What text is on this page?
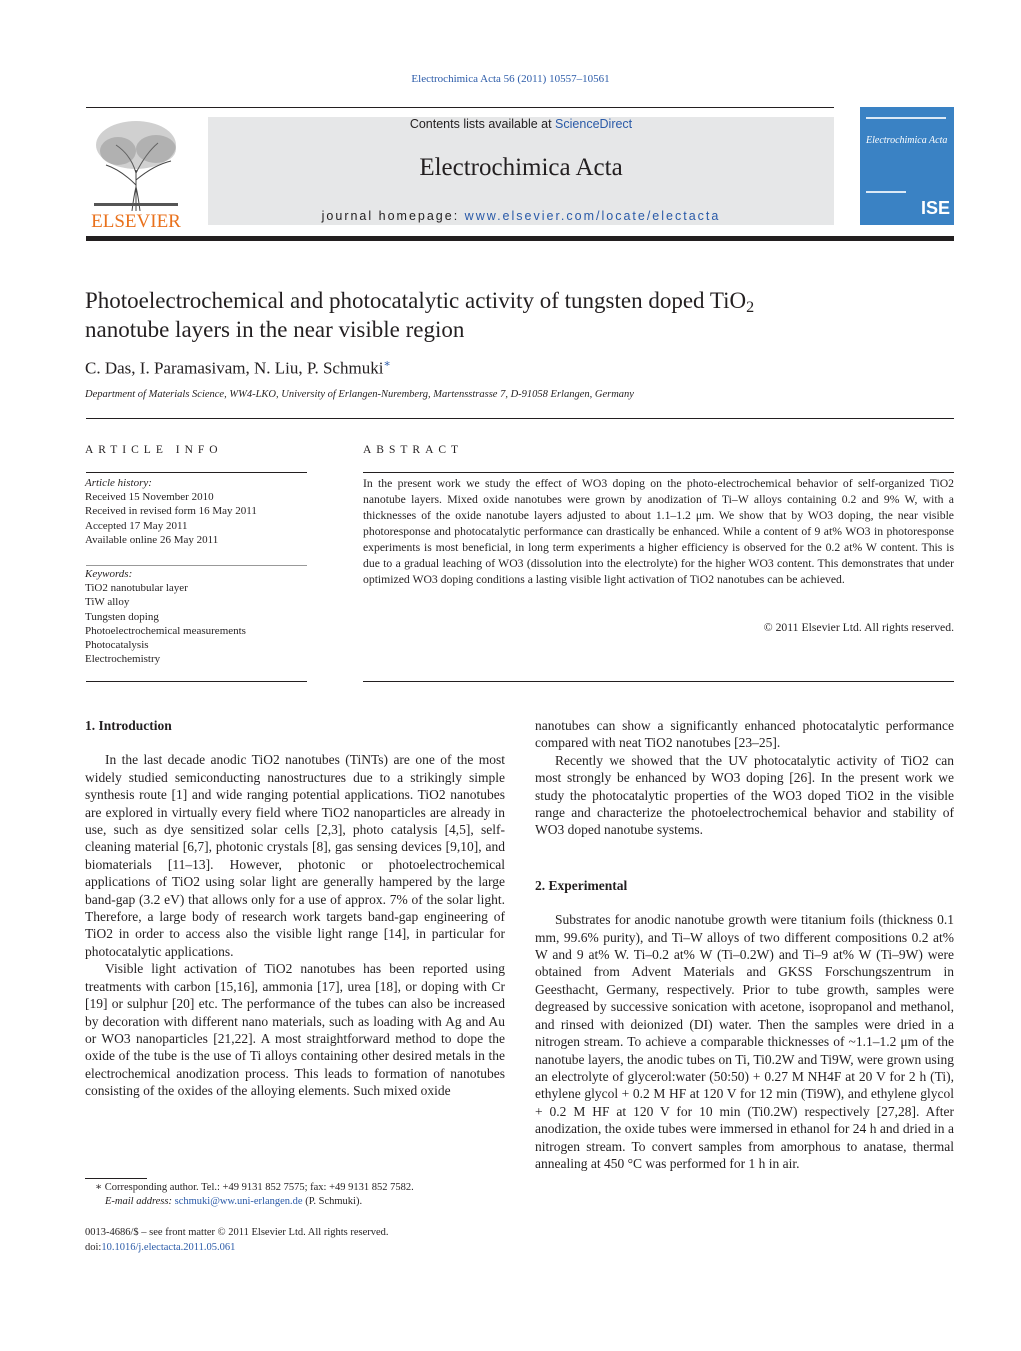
Electrochimica Acta 56 (2011) 10557–10561
ELSEVIER
Contents lists available at ScienceDirect
Electrochimica Acta
journal homepage: www.elsevier.com/locate/electacta
Electrochimica Acta
ISE
Photoelectrochemical and photocatalytic activity of tungsten doped TiO$_2$
nanotube layers in the near visible region
C. Das, I. Paramasivam, N. Liu, P. Schmuki∗
Department of Materials Science, WW4-LKO, University of Erlangen-Nuremberg, Martensstrasse 7, D-91058 Erlangen, Germany
ARTICLE INFO
Article history:
Received 15 November 2010
Received in revised form 16 May 2011
Accepted 17 May 2011
Available online 26 May 2011
Keywords:
TiO2 nanotubular layer
TiW alloy
Tungsten doping
Photoelectrochemical measurements
Photocatalysis
Electrochemistry
ABSTRACT
In the present work we study the effect of WO3 doping on the photo-electrochemical behavior of self-organized TiO2 nanotube layers. Mixed oxide nanotubes were grown by anodization of Ti–W alloys containing 0.2 and 9% W, with a thicknesses of the oxide nanotube layers adjusted to about 1.1–1.2 μm. We show that by WO3 doping, the near visible photoresponse and photocatalytic performance can drastically be enhanced. While a content of 9 at% WO3 in photoresponse experiments is most beneficial, in long term experiments a higher efficiency is observed for the 0.2 at% W content. This is due to a gradual leaching of WO3 (dissolution into the electrolyte) for the higher WO3 content. This demonstrates that under optimized WO3 doping conditions a lasting visible light activation of TiO2 nanotubes can be achieved.
© 2011 Elsevier Ltd. All rights reserved.
1. Introduction

In the last decade anodic TiO2 nanotubes (TiNTs) are one of the most widely studied semiconducting nanostructures due to a strikingly simple synthesis route [1] and wide ranging potential applications. TiO2 nanotubes are explored in virtually every field where TiO2 nanoparticles are already in use, such as dye sensitized solar cells [2,3], photo catalysis [4,5], self-cleaning material [6,7], photonic crystals [8], gas sensing devices [9,10], and biomaterials [11–13]. However, photonic or photoelectrochemical applications of TiO2 using solar light are generally hampered by the large band-gap (3.2 eV) that allows only for a use of approx. 7% of the solar light. Therefore, a large body of research work targets band-gap engineering of TiO2 in order to access also the visible light range [14], in particular for photocatalytic applications.

Visible light activation of TiO2 nanotubes has been reported using treatments with carbon [15,16], ammonia [17], urea [18], or doping with Cr [19] or sulphur [20] etc. The performance of the tubes can also be increased by decoration with different nano materials, such as loading with Ag and Au or WO3 nanoparticles [21,22]. A most straightforward method to dope the oxide of the tube is the use of Ti alloys containing other desired metals in the electrochemical anodization process. This leads to formation of nanotubes consisting of the oxides of the alloying elements. Such mixed oxide

nanotubes can show a significantly enhanced photocatalytic performance compared with neat TiO2 nanotubes [23–25].

Recently we showed that the UV photocatalytic activity of TiO2 can most strongly be enhanced by WO3 doping [26]. In the present work we study the photocatalytic properties of the WO3 doped TiO2 in the visible range and characterize the photoelectrochemical behavior and stability of WO3 doped nanotube systems.

2. Experimental

Substrates for anodic nanotube growth were titanium foils (thickness 0.1 mm, 99.6% purity), and Ti–W alloys of two different compositions 0.2 at% W and 9 at% W. Ti–0.2 at% W (Ti–0.2W) and Ti–9 at% W (Ti–9W) were obtained from Advent Materials and GKSS Forschungszentrum in Geesthacht, Germany, respectively. Prior to tube growth, samples were degreased by successive sonication with acetone, isopropanol and methanol, and rinsed with deionized (DI) water. Then the samples were dried in a nitrogen stream. To achieve a comparable thicknesses of ~1.1–1.2 μm of the nanotube layers, the anodic tubes on Ti, Ti0.2W and Ti9W, were grown using an electrolyte of glycerol:water (50:50) + 0.27 M NH4F at 20 V for 2 h (Ti), ethylene glycol + 0.2 M HF at 120 V for 12 min (Ti9W), and ethylene glycol + 0.2 M HF at 120 V for 10 min (Ti0.2W) respectively [27,28]. After anodization, the oxide tubes were immersed in ethanol for 24 h and dried in a nitrogen stream. To convert samples from amorphous to anatase, thermal annealing at 450 °C was performed for 1 h in air.

∗ Corresponding author. Tel.: +49 9131 852 7575; fax: +49 9131 852 7582.
E-mail address: schmuki@ww.uni-erlangen.de (P. Schmuki).
0013-4686/$ – see front matter © 2011 Elsevier Ltd. All rights reserved.
doi:10.1016/j.electacta.2011.05.061
